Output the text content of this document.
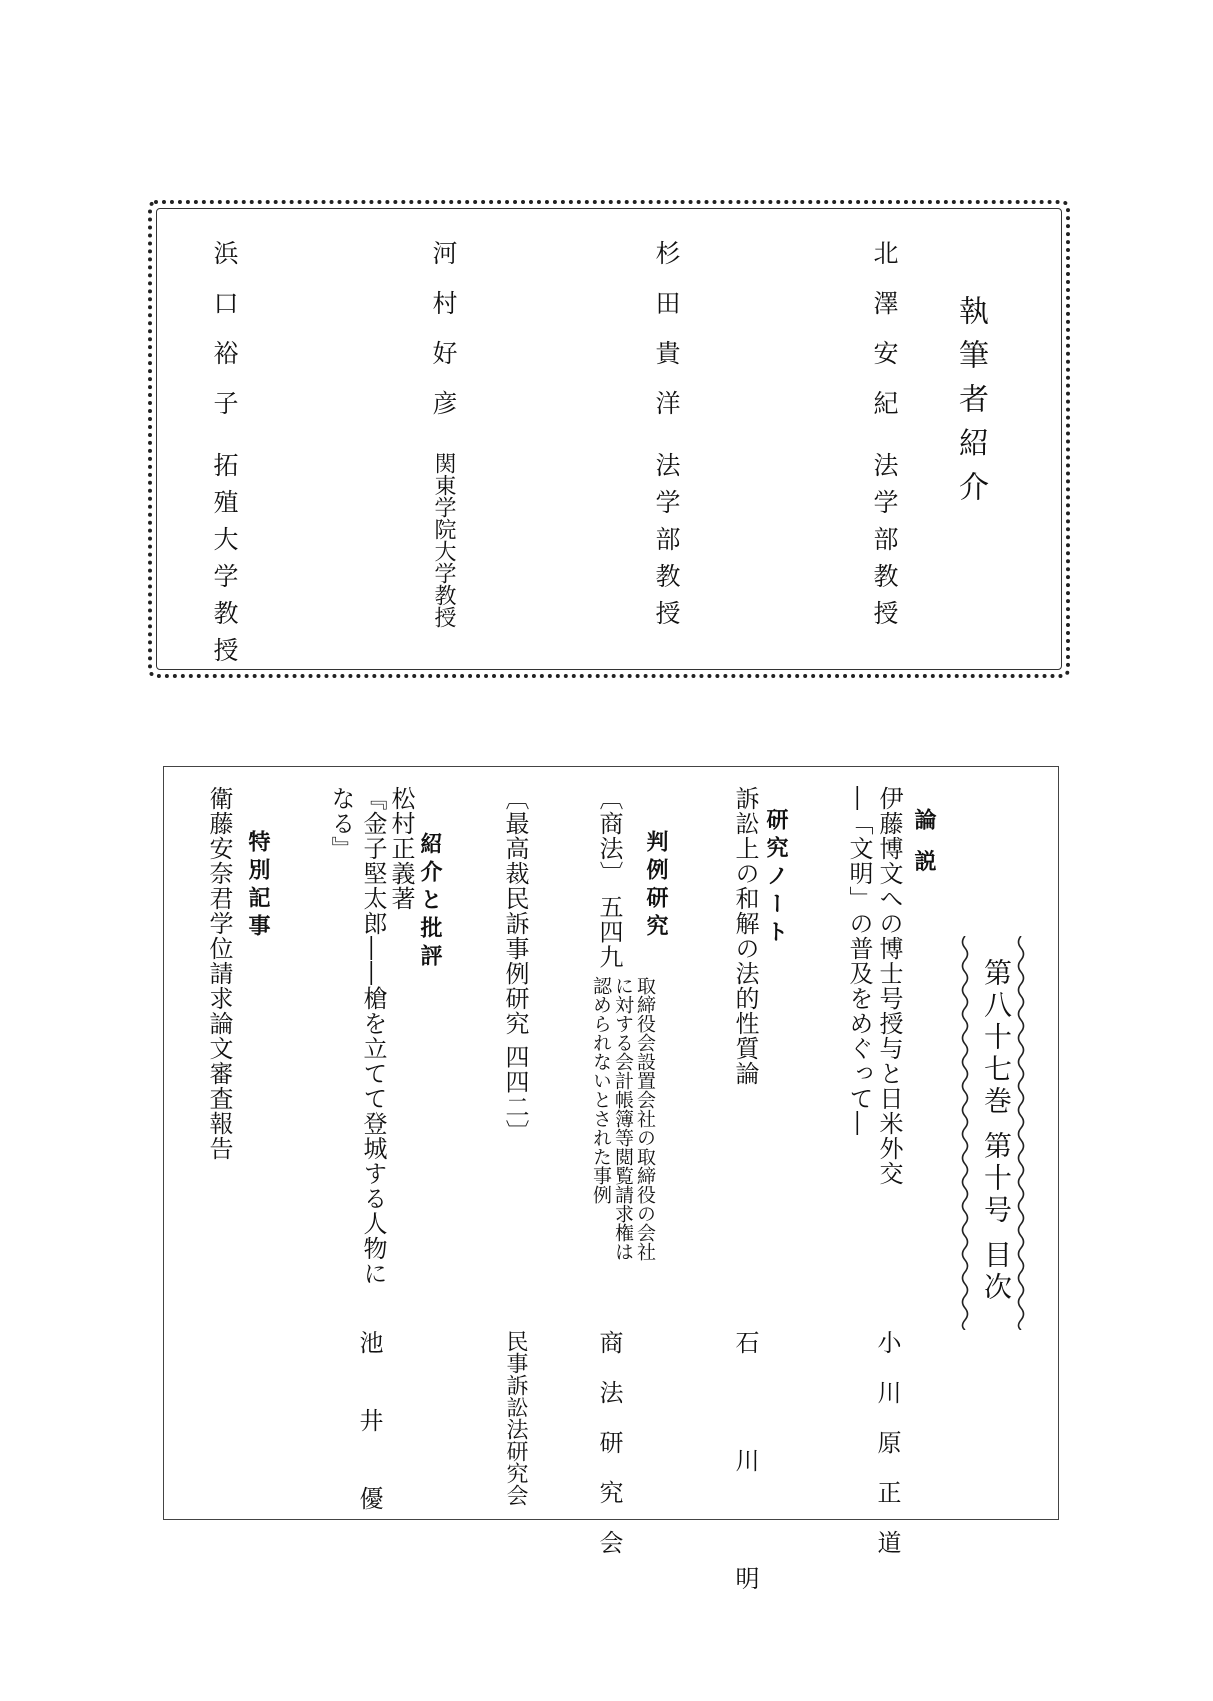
執筆者紹介
北澤安紀
法学部教授
杉田貴洋
法学部教授
河村好彦
関東学院大学教授
浜口裕子
拓殖大学教授
第八十七巻 第十号 目次
論 説
伊藤博文への博士号授与と日米外交
―「文明」の普及をめぐって―
小川原正道
研究ノート
訴訟上の和解の法的性質論
石川明
判例研究
〔商法〕 五四九
取締役会設置会社の取締役の会社
に対する会計帳簿等閲覧請求権は
認められないとされた事例
商法研究会
〔最高裁民訴事例研究 四四二〕
民事訴訟法研究会
紹介と批評
松村正義著
『金子堅太郎――槍を立てて登城する人物に
なる』
池井優
特別記事
衛藤安奈君学位請求論文審査報告
